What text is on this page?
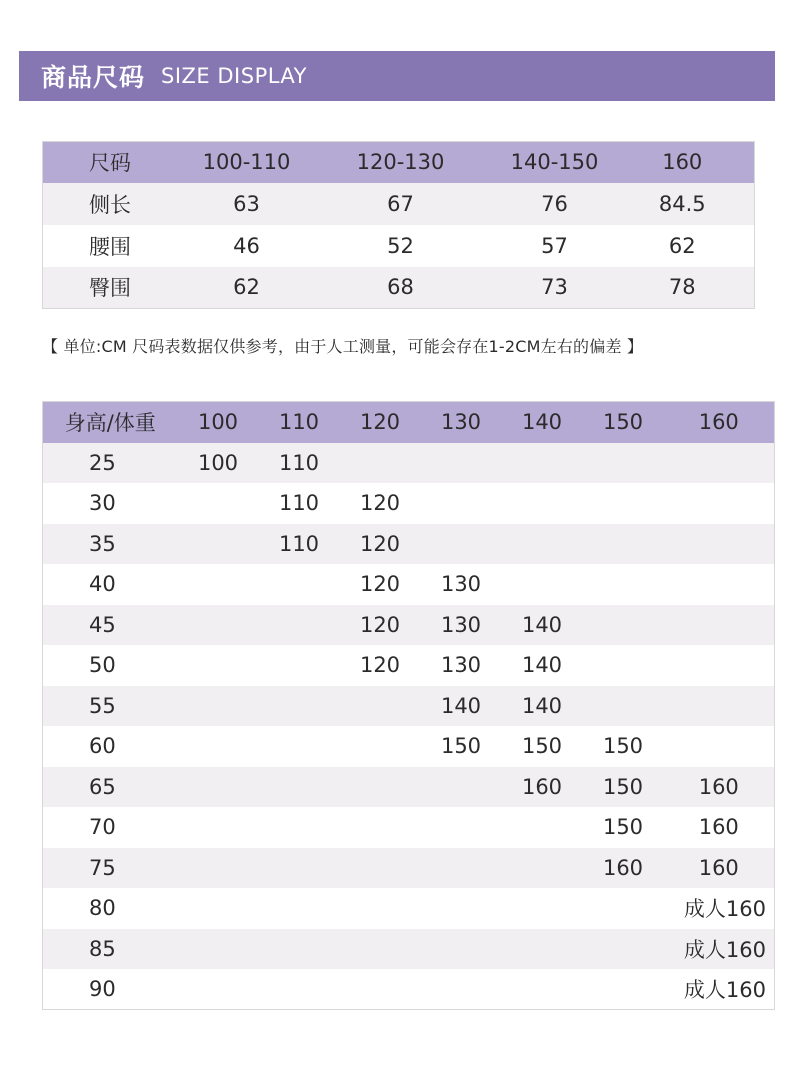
商品尺码 SIZE DISPLAY
尺码	100-110	120-130	140-150	160
侧长	63	67	76	84.5
腰围	46	52	57	62
臀围	62	68	73	78
【 单位:CM 尺码表数据仅供参考，由于人工测量，可能会存在1-2CM左右的偏差 】
身高/体重	100	110	120	130	140	150	160
25	100	110					
30		110	120				
35		110	120				
40			120	130			
45			120	130	140		
50			120	130	140		
55				140	140		
60				150	150	150	
65					160	150	160
70						150	160
75						160	160
80							成人160
85							成人160
90							成人160
